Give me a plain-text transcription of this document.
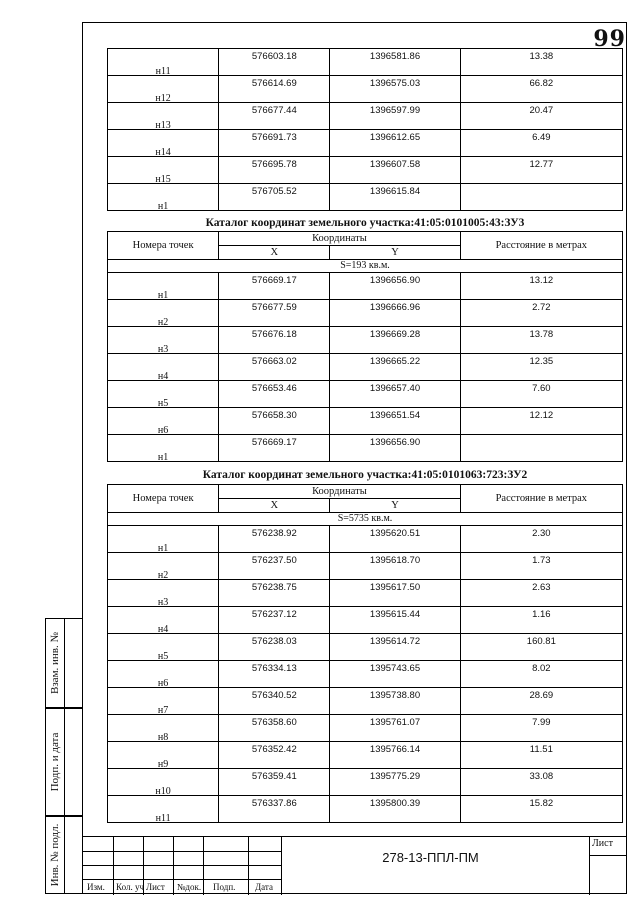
99
Взам. инв. №
Подп. и дата
Инв. № подл.
н11	576603.18	1396581.86	13.38

н12	576614.69	1396575.03	66.82

н13	576677.44	1396597.99	20.47

н14	576691.73	1396612.65	6.49

н15	576695.78	1396607.58	12.77

н1	576705.52	1396615.84	

Каталог координат земельного участка:41:05:0101005:43:ЗУ3
Номера точек	Координаты		Расстояние в метрах
	X	Y	
S=193 кв.м.
н1	576669.17	1396656.90	13.12

н2	576677.59	1396666.96	2.72

н3	576676.18	1396669.28	13.78

н4	576663.02	1396665.22	12.35

н5	576653.46	1396657.40	7.60

н6	576658.30	1396651.54	12.12

н1	576669.17	1396656.90	

Каталог координат земельного участка:41:05:0101063:723:ЗУ2
Номера точек	Координаты		Расстояние в метрах
	X	Y	
S=5735 кв.м.
н1	576238.92	1395620.51	2.30

н2	576237.50	1395618.70	1.73

н3	576238.75	1395617.50	2.63

н4	576237.12	1395615.44	1.16

н5	576238.03	1395614.72	160.81

н6	576334.13	1395743.65	8.02

н7	576340.52	1395738.80	28.69

н8	576358.60	1395761.07	7.99

н9	576352.42	1395766.14	11.51

н10	576359.41	1395775.29	33.08

н11	576337.86	1395800.39	15.82
Изм. Кол. уч Лист	№док.	Подп. Дата
278-13-ППЛ-ПМ
Лист
